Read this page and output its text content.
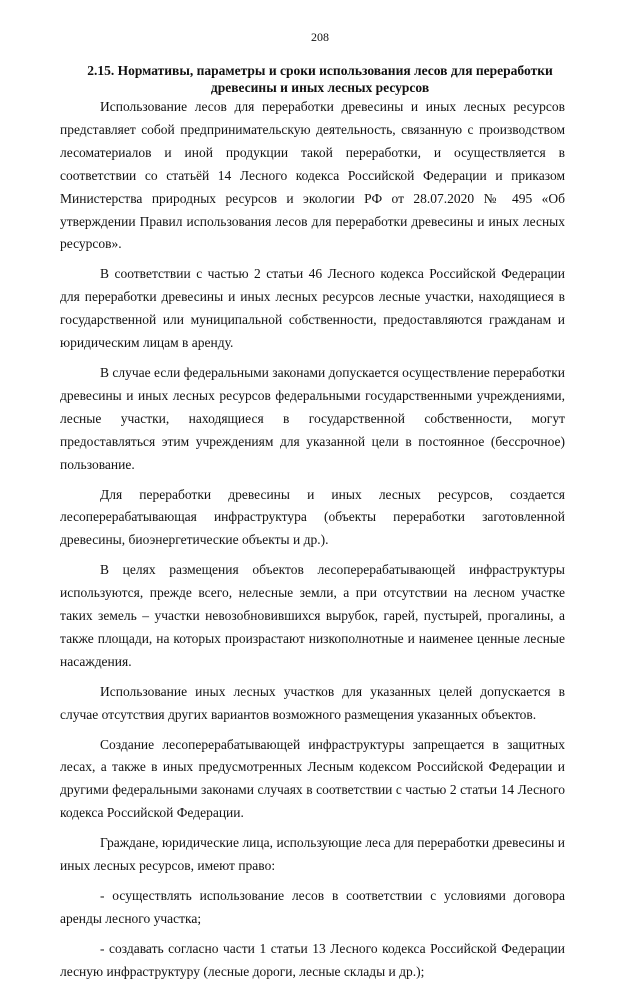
208
2.15. Нормативы, параметры и сроки использования лесов для переработки древесины и иных лесных ресурсов

Использование лесов для переработки древесины и иных лесных ресурсов представляет собой предпринимательскую деятельность, связанную с производством лесоматериалов и иной продукции такой переработки, и осуществляется в соответствии со статьёй 14 Лесного кодекса Российской Федерации и приказом Министерства природных ресурсов и экологии РФ от 28.07.2020 № 495 «Об утверждении Правил использования лесов для переработки древесины и иных лесных ресурсов».

В соответствии с частью 2 статьи 46 Лесного кодекса Российской Федерации для переработки древесины и иных лесных ресурсов лесные участки, находящиеся в государственной или муниципальной собственности, предоставляются гражданам и юридическим лицам в аренду.

В случае если федеральными законами допускается осуществление переработки древесины и иных лесных ресурсов федеральными государственными учреждениями, лесные участки, находящиеся в государственной собственности, могут предоставляться этим учреждениям для указанной цели в постоянное (бессрочное) пользование.

Для переработки древесины и иных лесных ресурсов, создается лесоперерабатывающая инфраструктура (объекты переработки заготовленной древесины, биоэнергетические объекты и др.).

В целях размещения объектов лесоперерабатывающей инфраструктуры используются, прежде всего, нелесные земли, а при отсутствии на лесном участке таких земель – участки невозобновившихся вырубок, гарей, пустырей, прогалины, а также площади, на которых произрастают низкополнотные и наименее ценные лесные насаждения.

Использование иных лесных участков для указанных целей допускается в случае отсутствия других вариантов возможного размещения указанных объектов.

Создание лесоперерабатывающей инфраструктуры запрещается в защитных лесах, а также в иных предусмотренных Лесным кодексом Российской Федерации и другими федеральными законами случаях в соответствии с частью 2 статьи 14 Лесного кодекса Российской Федерации.

Граждане, юридические лица, использующие леса для переработки древесины и иных лесных ресурсов, имеют право:

- осуществлять использование лесов в соответствии с условиями договора аренды лесного участка;

- создавать согласно части 1 статьи 13 Лесного кодекса Российской Федерации лесную инфраструктуру (лесные дороги, лесные склады и др.);
